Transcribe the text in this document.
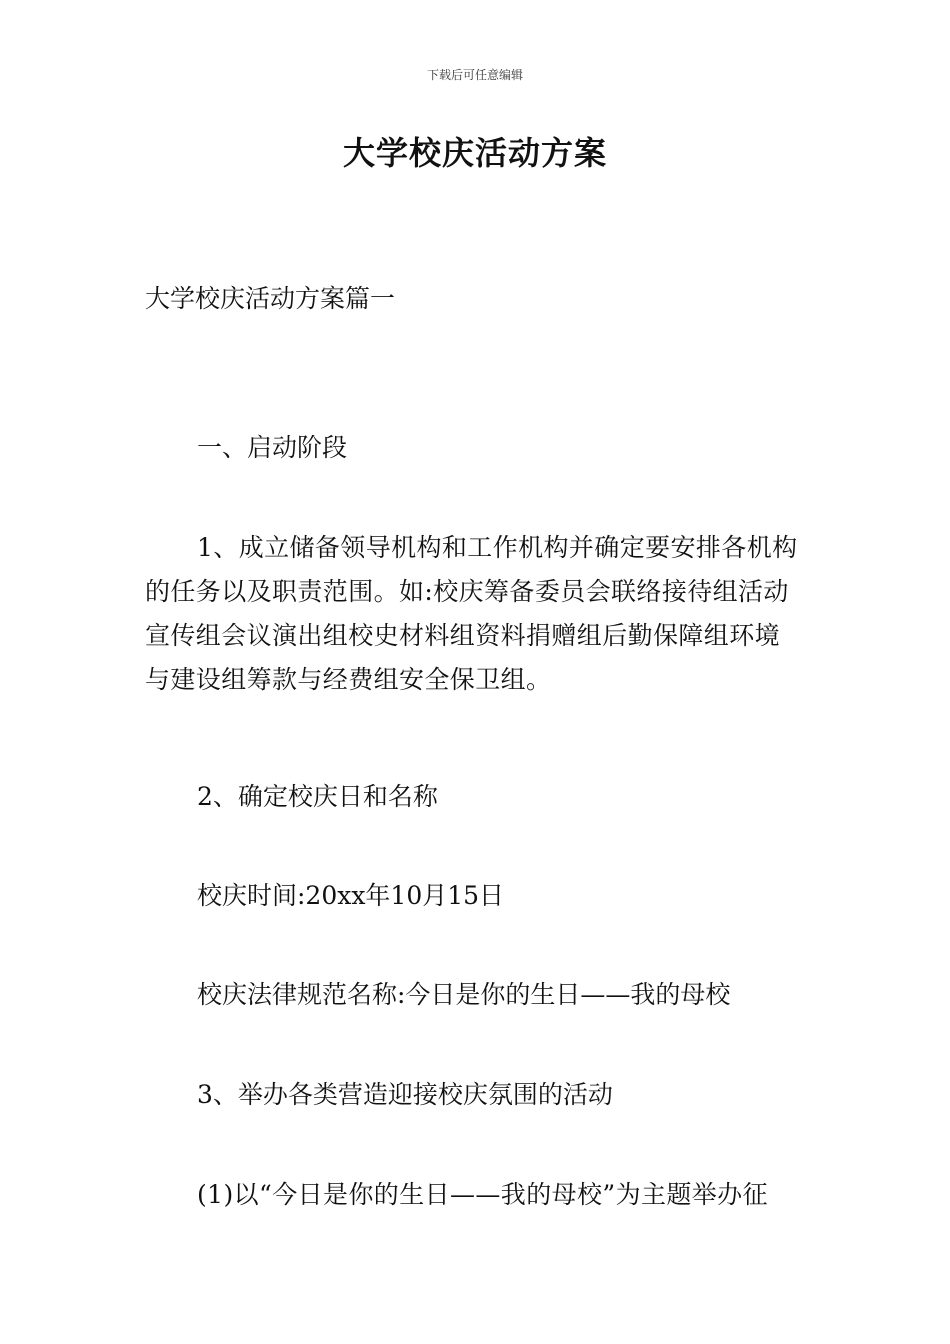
下载后可任意编辑
大学校庆活动方案
大学校庆活动方案篇一
一、启动阶段
1、成立储备领导机构和工作机构并确定要安排各机构
的任务以及职责范围。如:校庆筹备委员会联络接待组活动
宣传组会议演出组校史材料组资料捐赠组后勤保障组环境
与建设组筹款与经费组安全保卫组。
2、确定校庆日和名称
校庆时间:20xx年10月15日
校庆法律规范名称:今日是你的生日——我的母校
3、举办各类营造迎接校庆氛围的活动
(1)以“今日是你的生日——我的母校”为主题举办征
